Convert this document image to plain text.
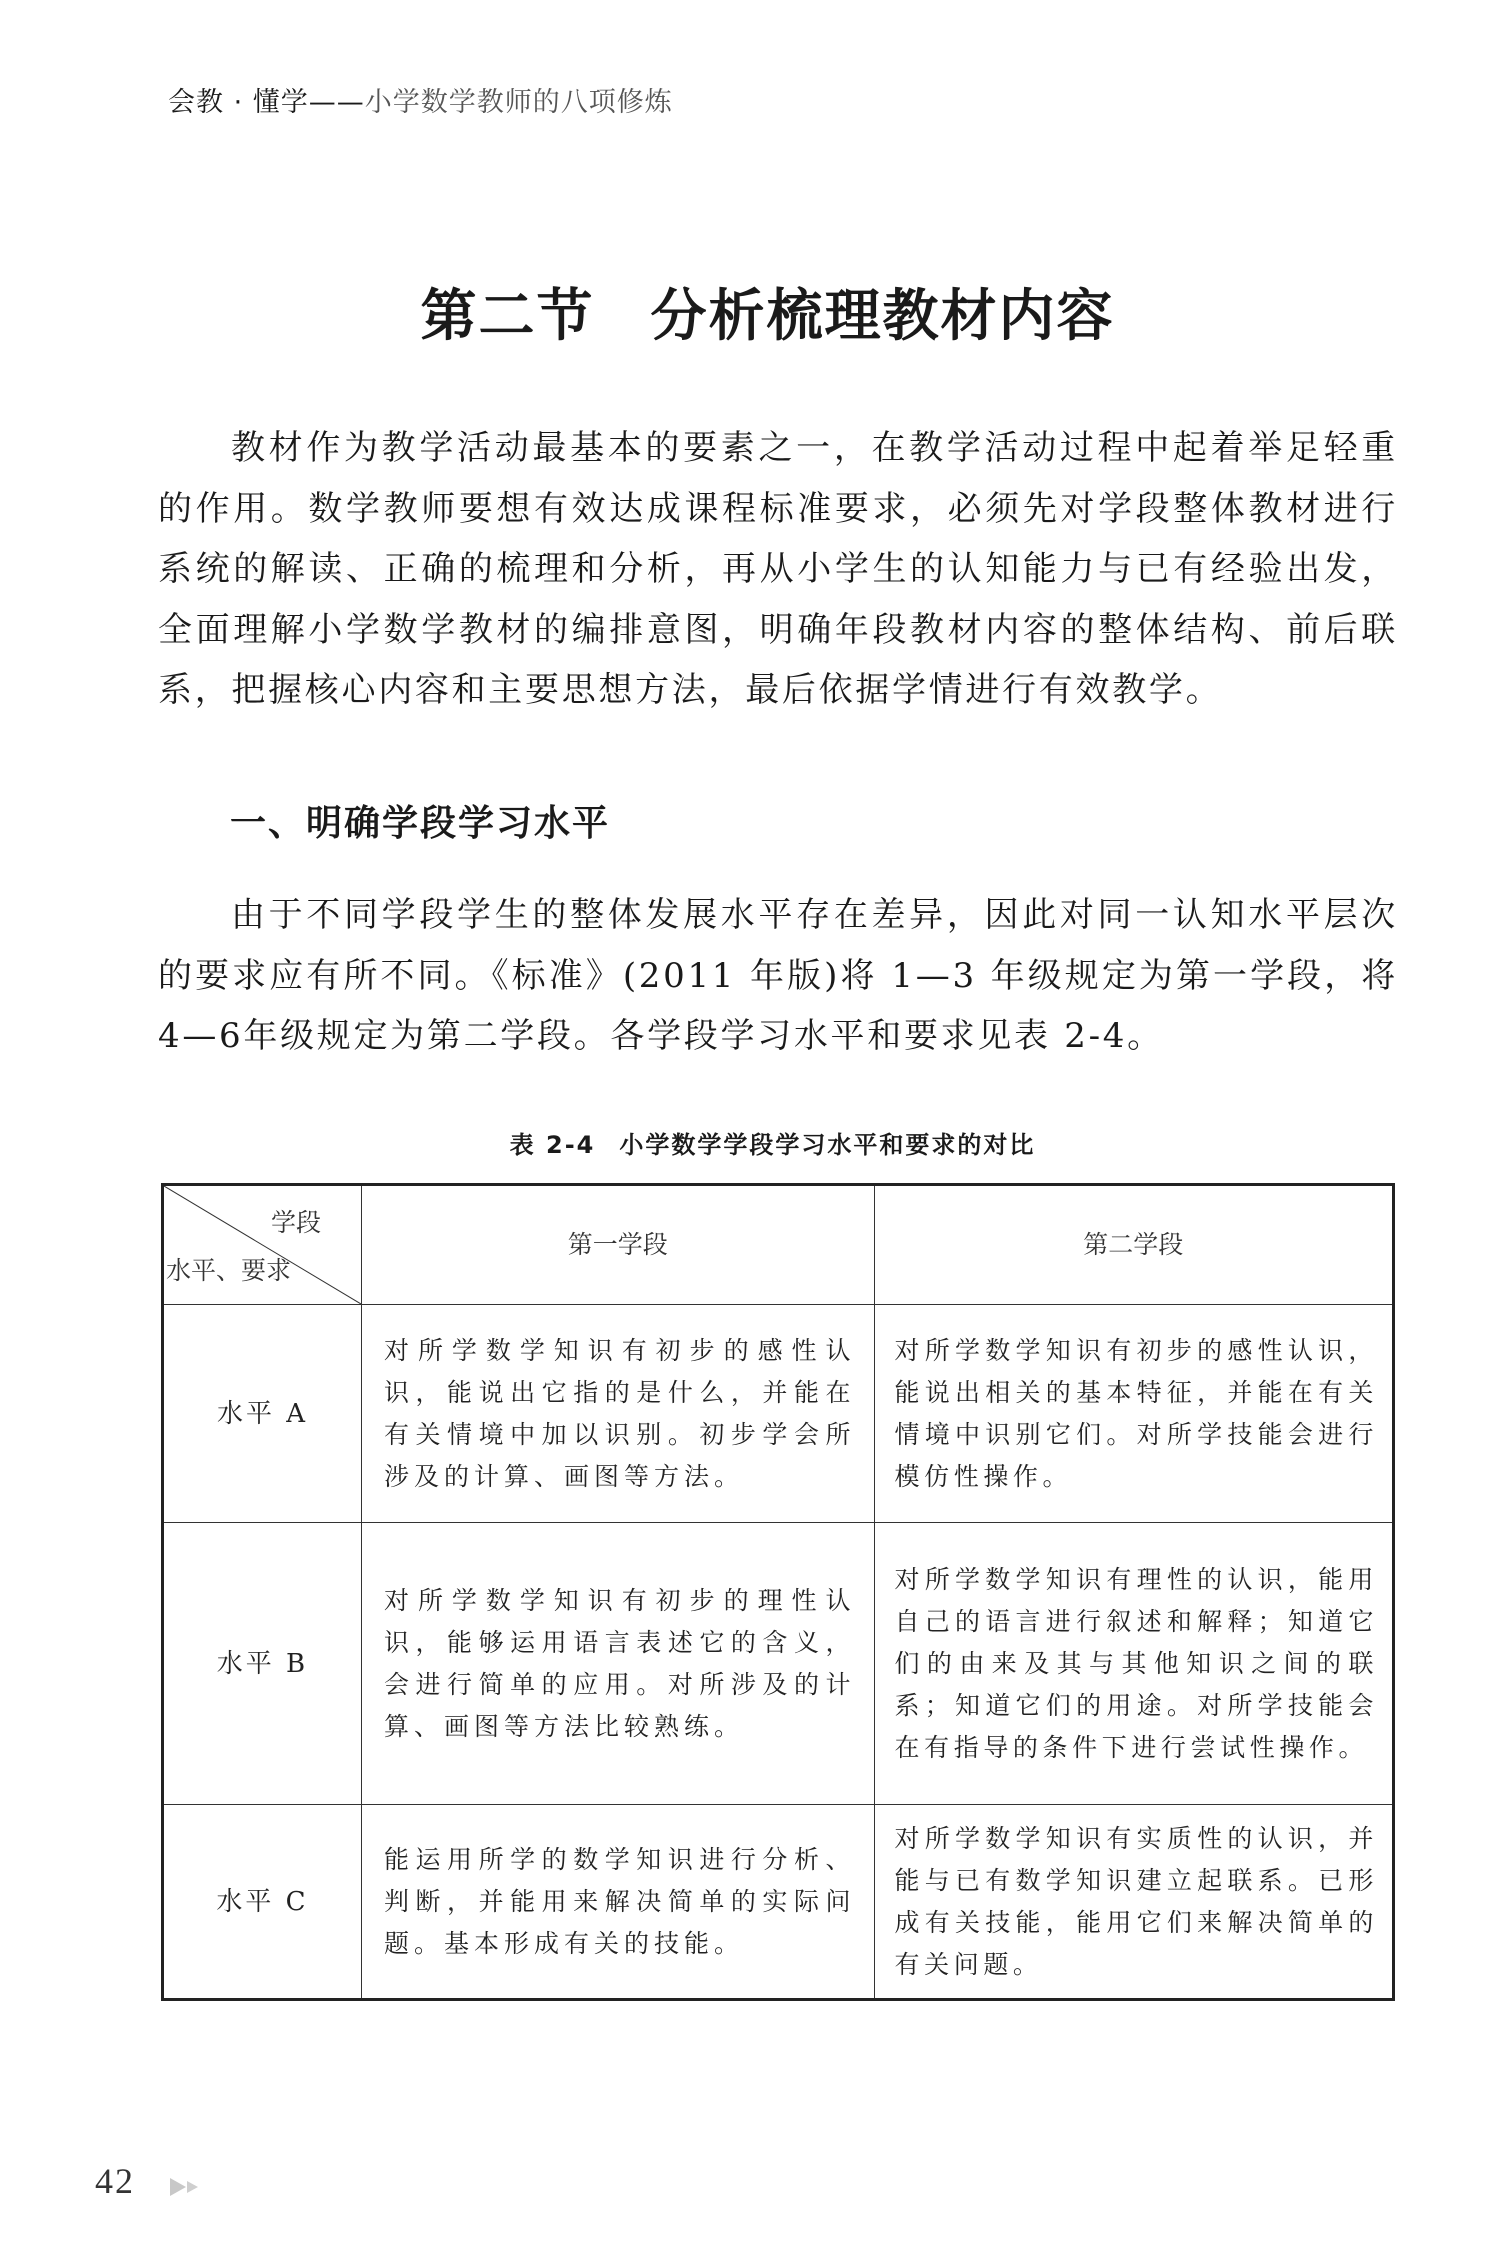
会教 · 懂学——小学数学教师的八项修炼
第二节 分析梳理教材内容
教材作为教学活动最基本的要素之一，在教学活动过程中起着举足轻重的作用。数学教师要想有效达成课程标准要求，必须先对学段整体教材进行系统的解读、正确的梳理和分析，再从小学生的认知能力与已有经验出发，全面理解小学数学教材的编排意图，明确年段教材内容的整体结构、前后联系，把握核心内容和主要思想方法，最后依据学情进行有效教学。
一、明确学段学习水平
由于不同学段学生的整体发展水平存在差异，因此对同一认知水平层次的要求应有所不同。《标准》(2011 年版)将 1—3 年级规定为第一学段，将4—6年级规定为第二学段。各学段学习水平和要求见表 2-4。
表 2-4 小学数学学段学习水平和要求的对比
学段
水平、要求	第一学段	第二学段
水平 A	对所学数学知识有初步的感性认识，能说出它指的是什么，并能在有关情境中加以识别。初步学会所涉及的计算、画图等方法。	对所学数学知识有初步的感性认识，能说出相关的基本特征，并能在有关情境中识别它们。对所学技能会进行模仿性操作。

水平 B	对所学数学知识有初步的理性认识，能够运用语言表述它的含义，会进行简单的应用。对所涉及的计算、画图等方法比较熟练。	对所学数学知识有理性的认识，能用自己的语言进行叙述和解释；知道它们的由来及其与其他知识之间的联系；知道它们的用途。对所学技能会在有指导的条件下进行尝试性操作。

水平 C	能运用所学的数学知识进行分析、判断，并能用来解决简单的实际问题。基本形成有关的技能。	对所学数学知识有实质性的认识，并能与已有数学知识建立起联系。已形成有关技能，能用它们来解决简单的有关问题。
42
